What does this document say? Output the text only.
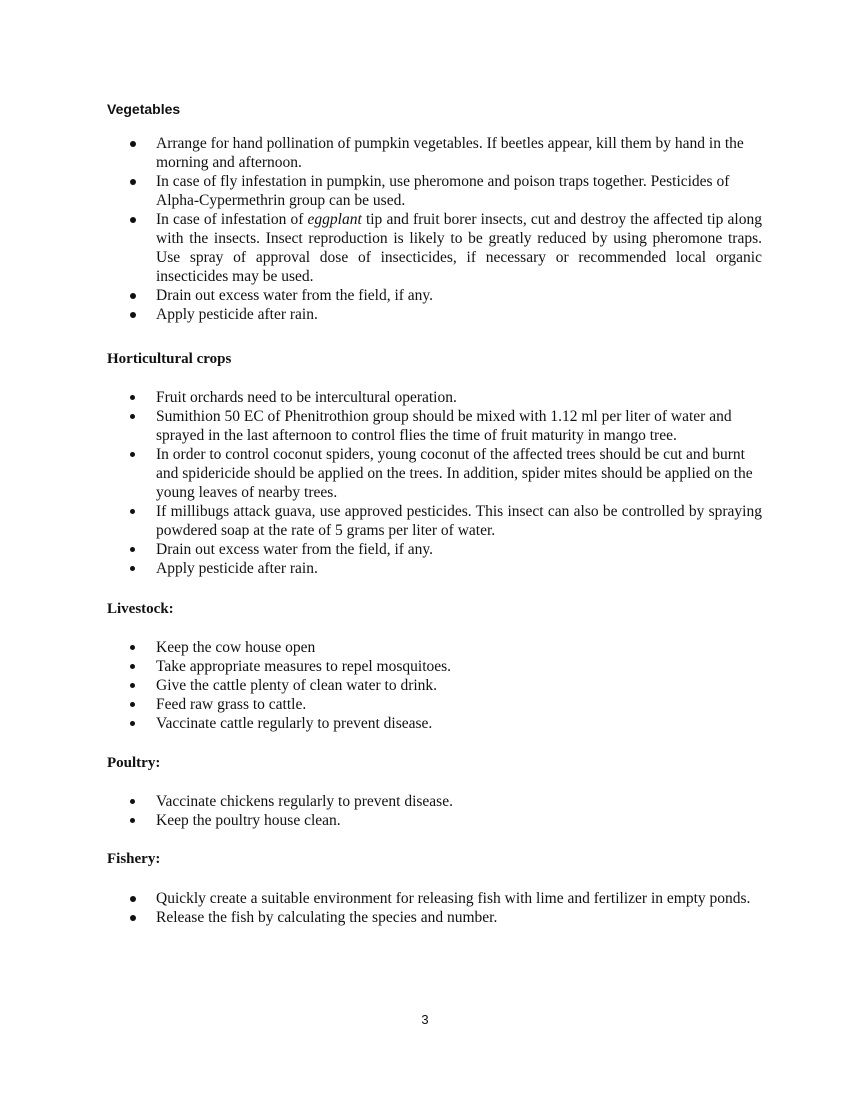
Vegetables

Arrange for hand pollination of pumpkin vegetables. If beetles appear, kill them by hand in the morning and afternoon.
In case of fly infestation in pumpkin, use pheromone and poison traps together. Pesticides of Alpha-Cypermethrin group can be used.
In case of infestation of eggplant tip and fruit borer insects, cut and destroy the affected tip along with the insects. Insect reproduction is likely to be greatly reduced by using pheromone traps. Use spray of approval dose of insecticides, if necessary or recommended local organic insecticides may be used.
Drain out excess water from the field, if any.
Apply pesticide after rain.

Horticultural crops

Fruit orchards need to be intercultural operation.
Sumithion 50 EC of Phenitrothion group should be mixed with 1.12 ml per liter of water and sprayed in the last afternoon to control flies the time of fruit maturity in mango tree.
In order to control coconut spiders, young coconut of the affected trees should be cut and burnt and spidericide should be applied on the trees. In addition, spider mites should be applied on the young leaves of nearby trees.
If millibugs attack guava, use approved pesticides. This insect can also be controlled by spraying powdered soap at the rate of 5 grams per liter of water.
Drain out excess water from the field, if any.
Apply pesticide after rain.

Livestock:

Keep the cow house open
Take appropriate measures to repel mosquitoes.
Give the cattle plenty of clean water to drink.
Feed raw grass to cattle.
Vaccinate cattle regularly to prevent disease.

Poultry:

Vaccinate chickens regularly to prevent disease.
Keep the poultry house clean.

Fishery:

Quickly create a suitable environment for releasing fish with lime and fertilizer in empty ponds.
Release the fish by calculating the species and number.
3
